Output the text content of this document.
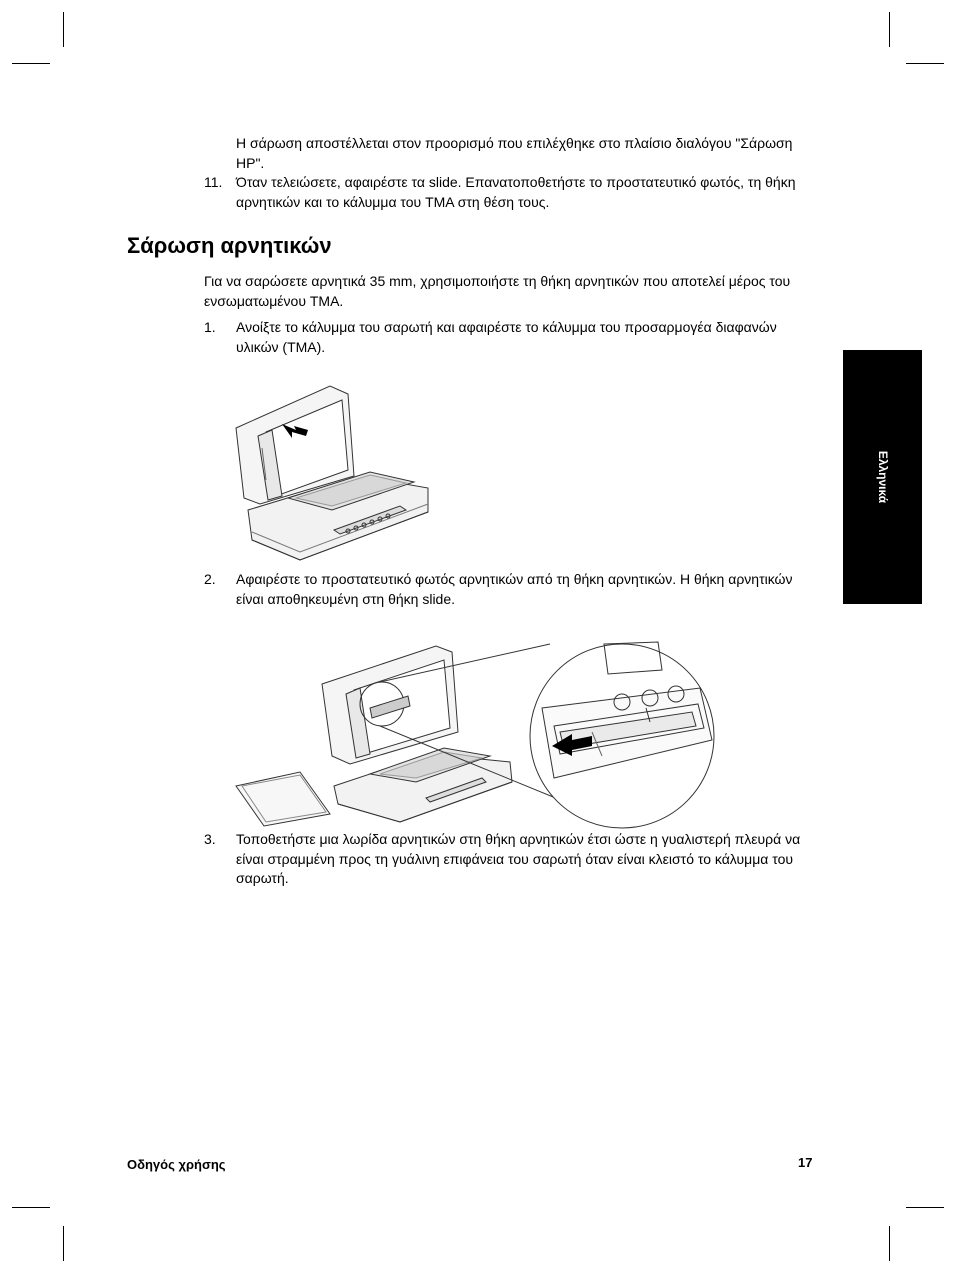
Η σάρωση αποστέλλεται στον προορισμό που επιλέχθηκε στο πλαίσιο διαλόγου "Σάρωση HP".
11. Όταν τελειώσετε, αφαιρέστε τα slide. Επανατοποθετήστε το προστατευτικό φωτός, τη θήκη αρνητικών και το κάλυμμα του TMA στη θέση τους.
Σάρωση αρνητικών
Για να σαρώσετε αρνητικά 35 mm, χρησιμοποιήστε τη θήκη αρνητικών που αποτελεί μέρος του ενσωματωμένου TMA.
1. Ανοίξτε το κάλυμμα του σαρωτή και αφαιρέστε το κάλυμμα του προσαρμογέα διαφανών υλικών (TMA).
2. Αφαιρέστε το προστατευτικό φωτός αρνητικών από τη θήκη αρνητικών. Η θήκη αρνητικών είναι αποθηκευμένη στη θήκη slide.
3. Τοποθετήστε μια λωρίδα αρνητικών στη θήκη αρνητικών έτσι ώστε η γυαλιστερή πλευρά να είναι στραμμένη προς τη γυάλινη επιφάνεια του σαρωτή όταν είναι κλειστό το κάλυμμα του σαρωτή.
Ελληνικά
Οδηγός χρήσης	17
